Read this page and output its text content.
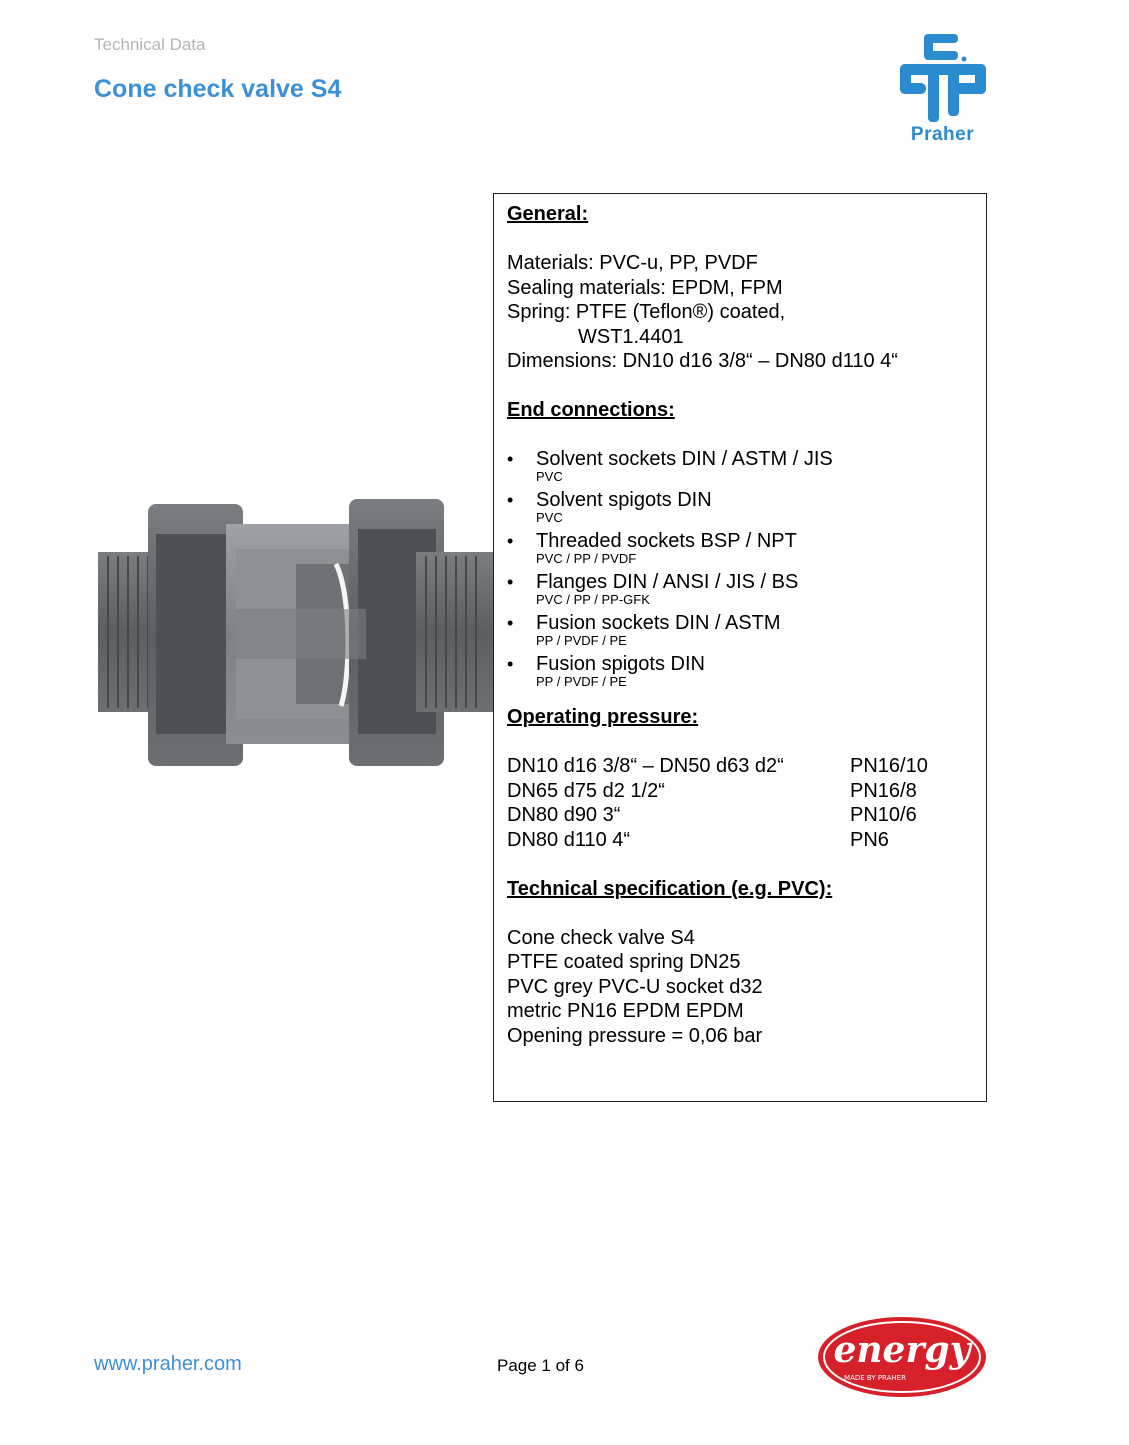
Technical Data
Cone check valve S4
Praher
General:
Materials: PVC-u, PP, PVDF
Sealing materials: EPDM, FPM
Spring: PTFE (Teflon®) coated,
WST1.4401
Dimensions: DN10 d16 3/8“ – DN80 d110 4“
End connections:
• Solvent sockets DIN / ASTM / JIS
PVC
• Solvent spigots DIN
PVC
• Threaded sockets BSP / NPT
PVC / PP / PVDF
• Flanges DIN / ANSI / JIS / BS
PVC / PP / PP-GFK
• Fusion sockets DIN / ASTM
PP / PVDF / PE
• Fusion spigots DIN
PP / PVDF / PE
Operating pressure:
DN10 d16 3/8“ – DN50 d63 d2“	PN16/10
DN65 d75 d2 1/2“	PN16/8
DN80 d90 3“	PN10/6
DN80 d110 4“	PN6
Technical specification (e.g. PVC):
Cone check valve S4
PTFE coated spring DN25
PVC grey PVC-U socket d32
metric PN16 EPDM EPDM
Opening pressure = 0,06 bar
www.praher.com	Page 1 of 6	energy
MADE BY PRAHER
